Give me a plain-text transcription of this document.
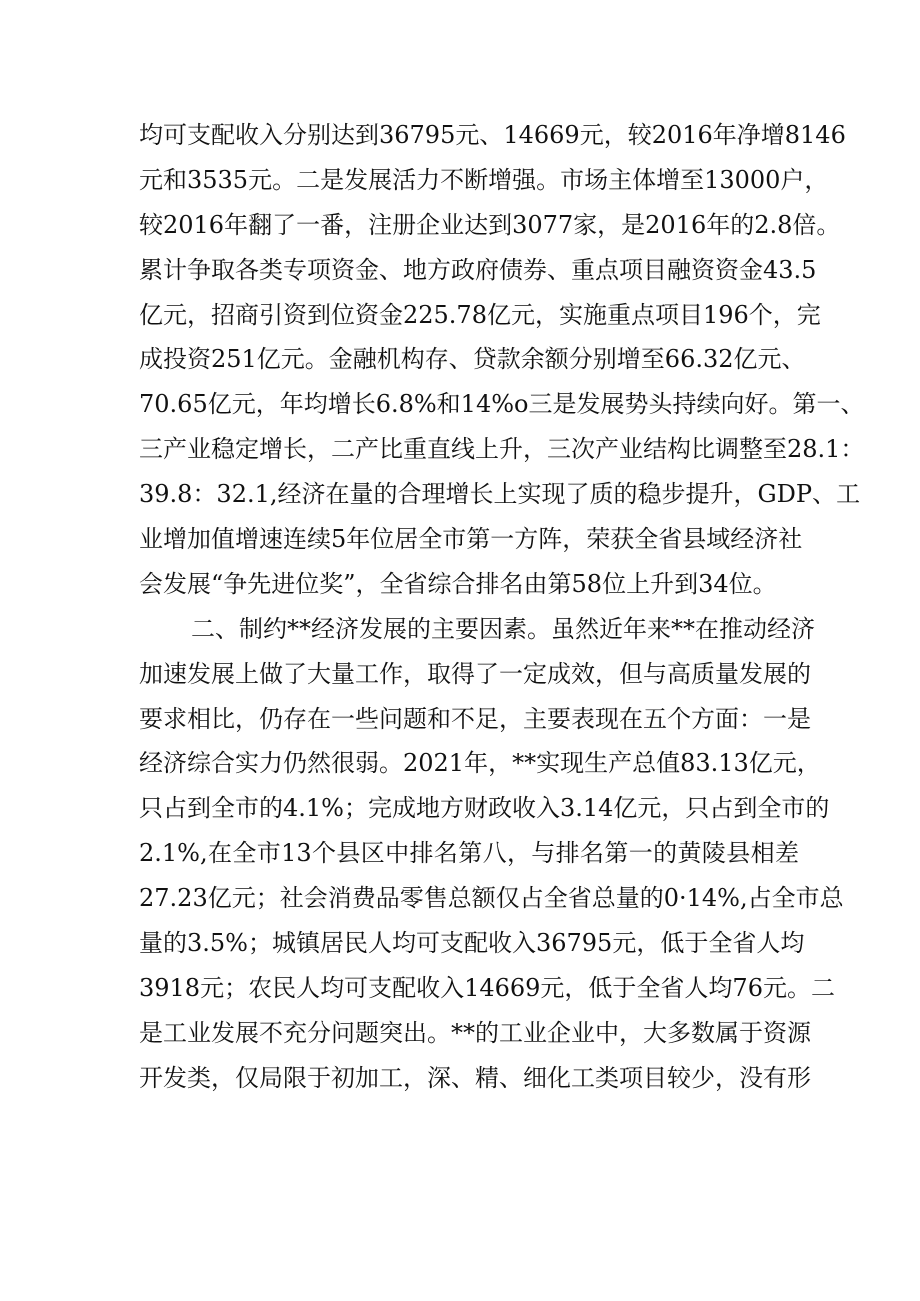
均可支配收入分别达到36795元、14669元，较2016年净增8146
元和3535元。二是发展活力不断增强。市场主体增至13000户，
较2016年翻了一番，注册企业达到3077家，是2016年的2.8倍。
累计争取各类专项资金、地方政府债券、重点项目融资资金43.5
亿元，招商引资到位资金225.78亿元，实施重点项目196个，完
成投资251亿元。金融机构存、贷款余额分别增至66.32亿元、
70.65亿元，年均增长6.8%和14%o三是发展势头持续向好。第一、
三产业稳定增长，二产比重直线上升，三次产业结构比调整至28.1：
39.8：32.1,经济在量的合理增长上实现了质的稳步提升，GDP、工
业增加值增速连续5年位居全市第一方阵，荣获全省县域经济社
会发展“争先进位奖”，全省综合排名由第58位上升到34位。
二、制约**经济发展的主要因素。虽然近年来**在推动经济
加速发展上做了大量工作，取得了一定成效，但与高质量发展的
要求相比，仍存在一些问题和不足，主要表现在五个方面：一是
经济综合实力仍然很弱。2021年，**实现生产总值83.13亿元，
只占到全市的4.1%；完成地方财政收入3.14亿元，只占到全市的
2.1%,在全市13个县区中排名第八，与排名第一的黄陵县相差
27.23亿元；社会消费品零售总额仅占全省总量的0·14%,占全市总
量的3.5%；城镇居民人均可支配收入36795元，低于全省人均
3918元；农民人均可支配收入14669元，低于全省人均76元。二
是工业发展不充分问题突出。**的工业企业中，大多数属于资源
开发类，仅局限于初加工，深、精、细化工类项目较少，没有形
